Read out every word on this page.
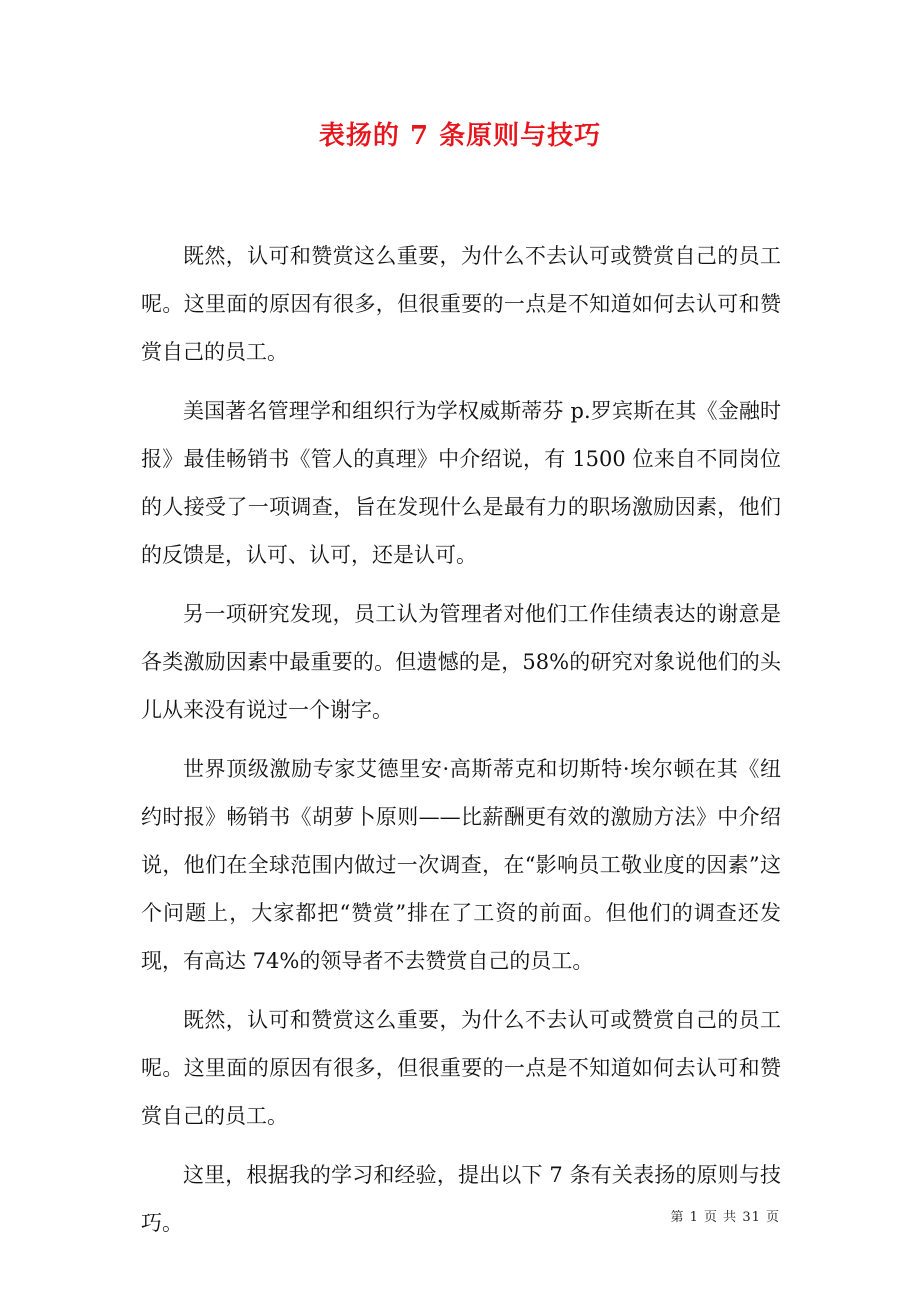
表扬的 7 条原则与技巧

既然，认可和赞赏这么重要，为什么不去认可或赞赏自己的员工呢。这里面的原因有很多，但很重要的一点是不知道如何去认可和赞赏自己的员工。

美国著名管理学和组织行为学权威斯蒂芬 p.罗宾斯在其《金融时报》最佳畅销书《管人的真理》中介绍说，有 1500 位来自不同岗位的人接受了一项调查，旨在发现什么是最有力的职场激励因素，他们的反馈是，认可、认可，还是认可。

另一项研究发现，员工认为管理者对他们工作佳绩表达的谢意是各类激励因素中最重要的。但遗憾的是，58%的研究对象说他们的头儿从来没有说过一个谢字。

世界顶级激励专家艾德里安·高斯蒂克和切斯特·埃尔顿在其《纽约时报》畅销书《胡萝卜原则——比薪酬更有效的激励方法》中介绍说，他们在全球范围内做过一次调查，在“影响员工敬业度的因素”这个问题上，大家都把“赞赏”排在了工资的前面。但他们的调查还发现，有高达 74%的领导者不去赞赏自己的员工。

既然，认可和赞赏这么重要，为什么不去认可或赞赏自己的员工呢。这里面的原因有很多，但很重要的一点是不知道如何去认可和赞赏自己的员工。

这里，根据我的学习和经验，提出以下 7 条有关表扬的原则与技巧。	第 1 页 共 31 页
